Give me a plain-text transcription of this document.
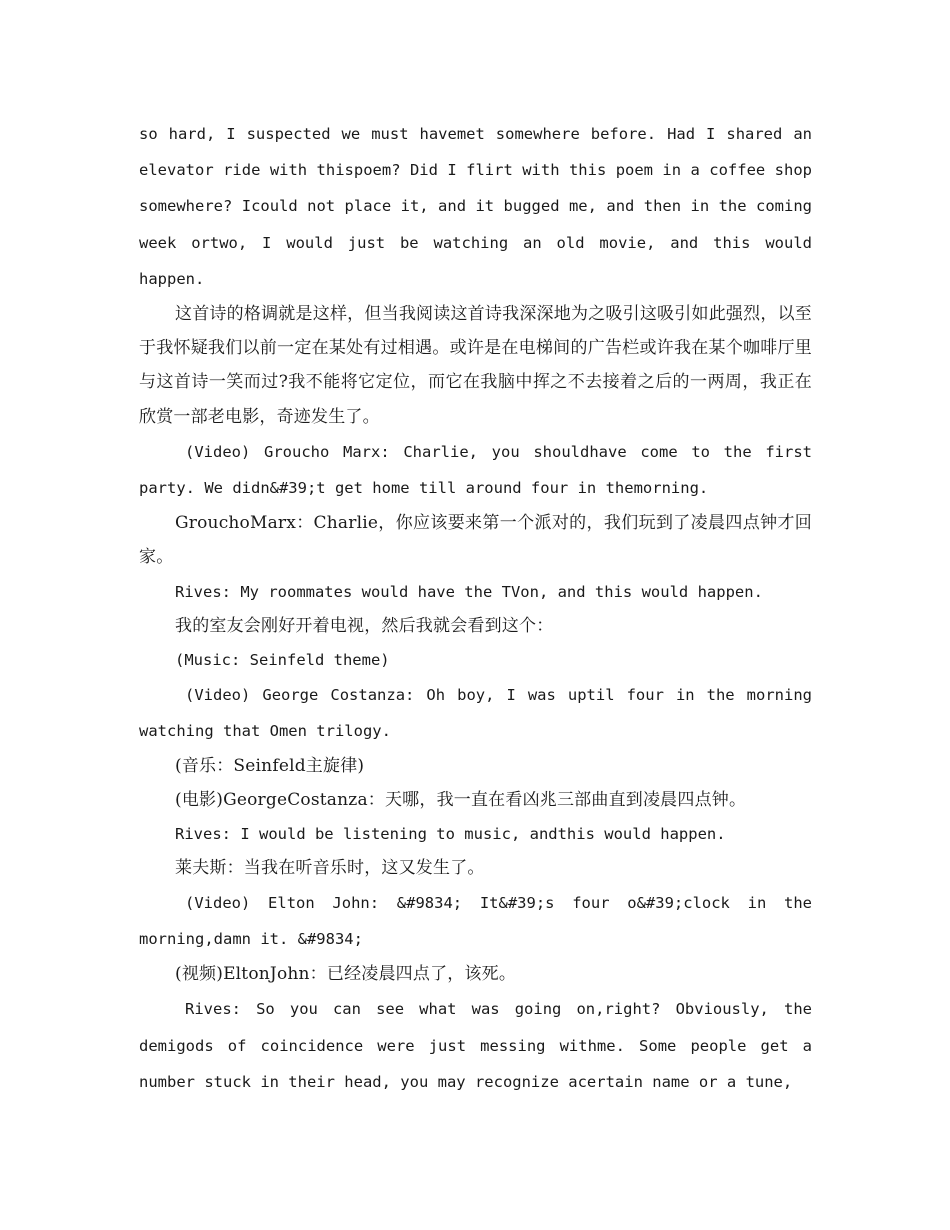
so hard, I suspected we must havemet somewhere before. Had I shared an elevator ride with thispoem? Did I flirt with this poem in a coffee shop somewhere? Icould not place it, and it bugged me, and then in the coming week ortwo, I would just be watching an old movie, and this would happen.

这首诗的格调就是这样，但当我阅读这首诗我深深地为之吸引这吸引如此强烈，以至于我怀疑我们以前一定在某处有过相遇。或许是在电梯间的广告栏或许我在某个咖啡厅里与这首诗一笑而过?我不能将它定位，而它在我脑中挥之不去接着之后的一两周，我正在欣赏一部老电影，奇迹发生了。

(Video) Groucho Marx: Charlie, you shouldhave come to the first party. We didn&#39;t get home till around four in themorning.

GrouchoMarx：Charlie，你应该要来第一个派对的，我们玩到了凌晨四点钟才回家。

Rives: My roommates would have the TVon, and this would happen.

我的室友会刚好开着电视，然后我就会看到这个：

(Music: Seinfeld theme)

(Video) George Costanza: Oh boy, I was uptil four in the morning watching that Omen trilogy.

(音乐：Seinfeld主旋律)

(电影)GeorgeCostanza：天哪，我一直在看凶兆三部曲直到凌晨四点钟。

Rives: I would be listening to music, andthis would happen.

莱夫斯：当我在听音乐时，这又发生了。

(Video) Elton John: &#9834; It&#39;s four o&#39;clock in the morning,damn it. &#9834;

(视频)EltonJohn：已经凌晨四点了，该死。

Rives: So you can see what was going on,right? Obviously, the demigods of coincidence were just messing withme. Some people get a number stuck in their head, you may recognize acertain name or a tune,
